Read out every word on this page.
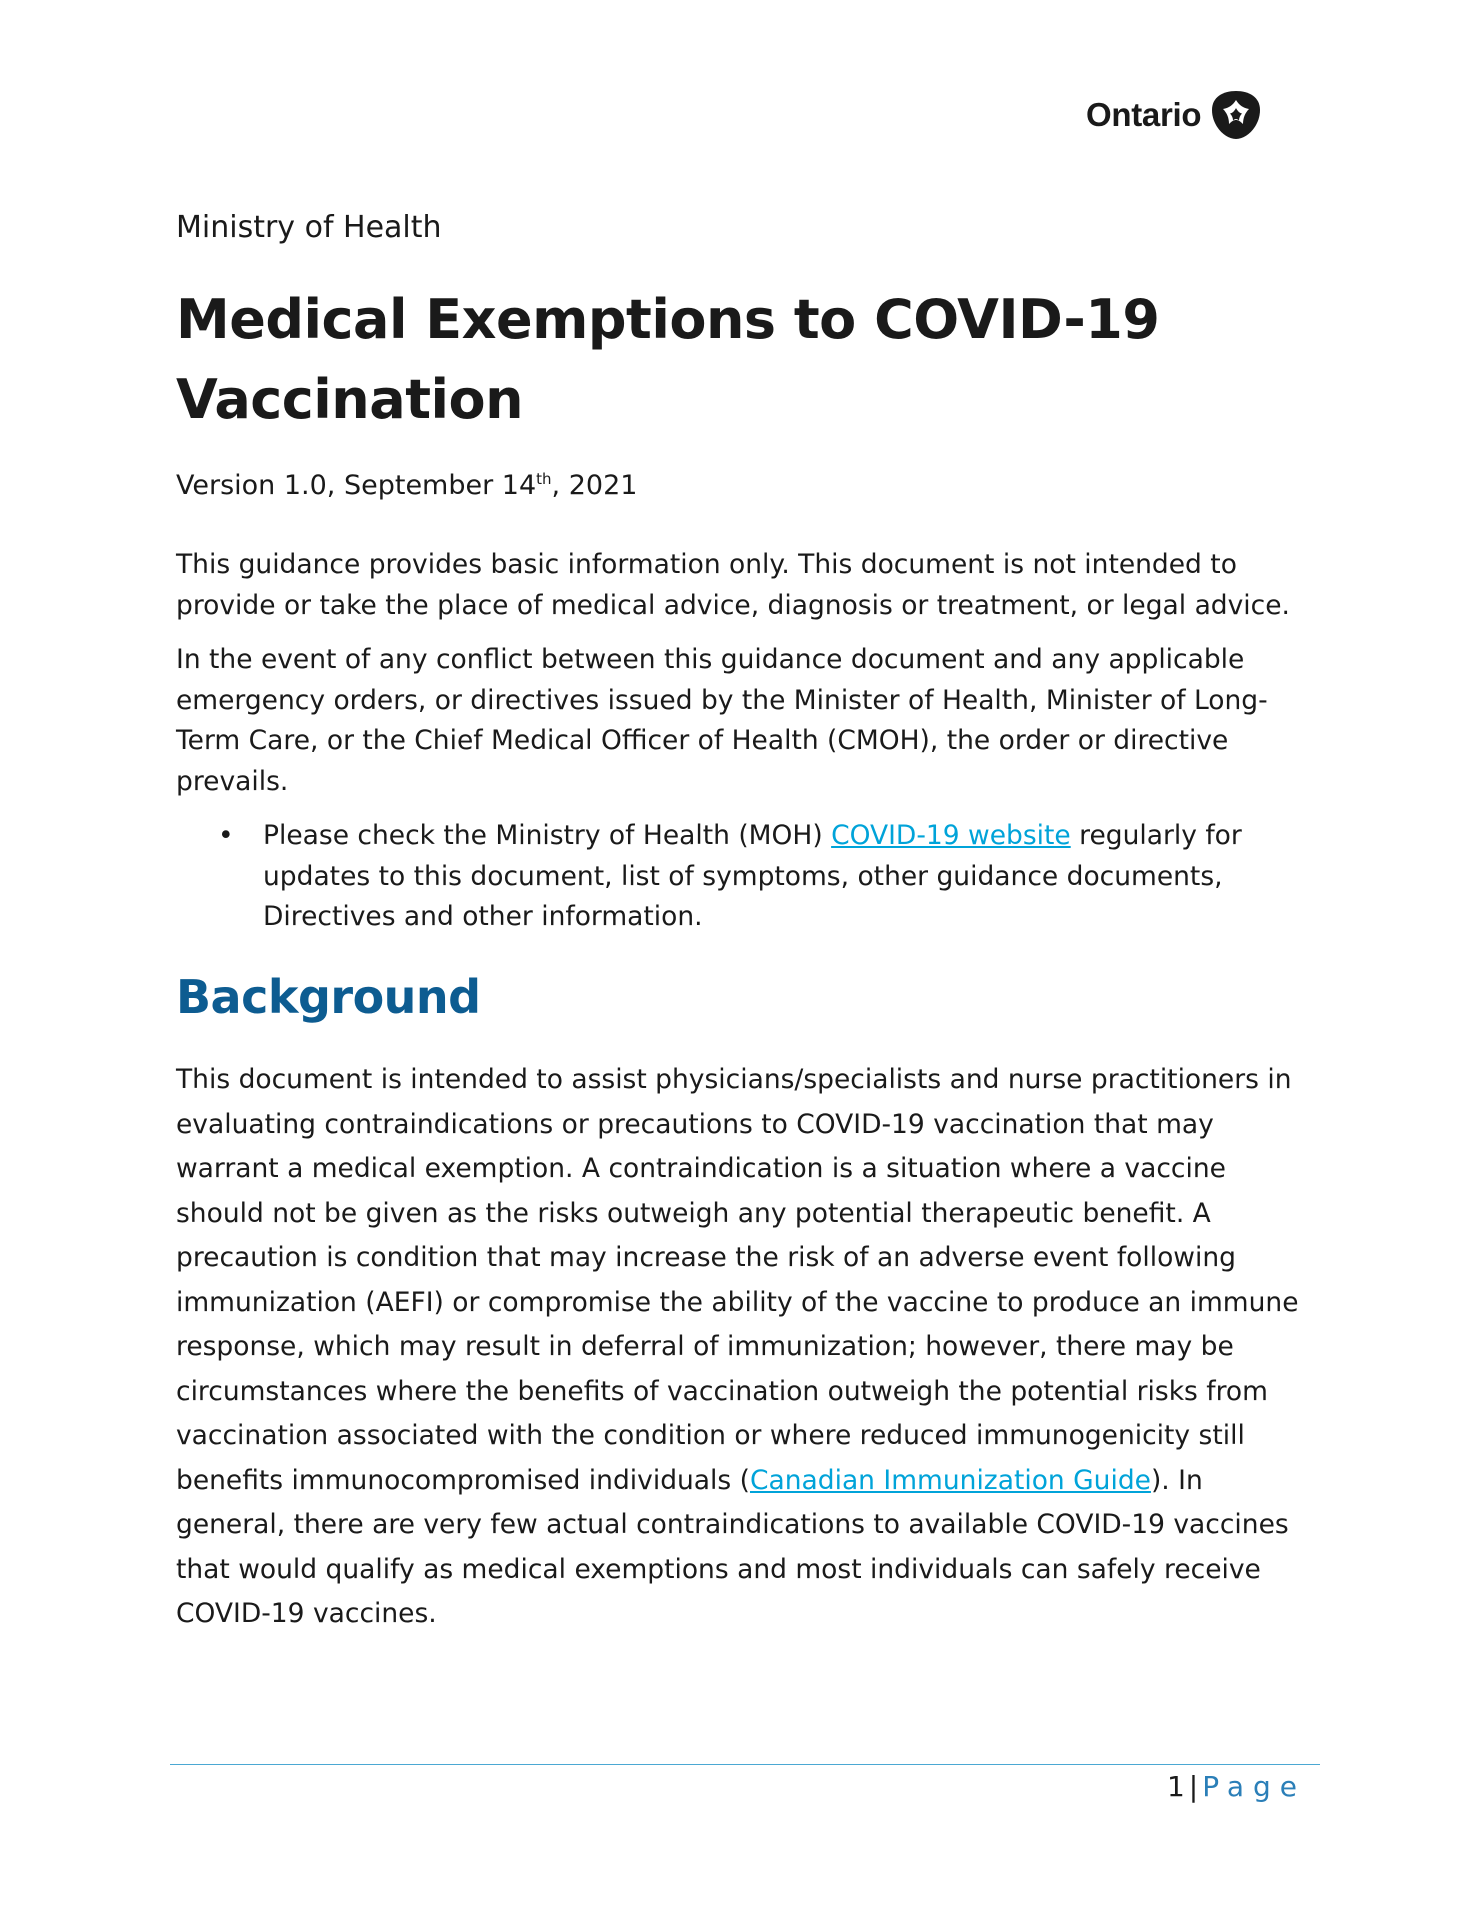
Ontario
Ministry of Health
Medical Exemptions to COVID-19 Vaccination
Version 1.0, September 14th, 2021

This guidance provides basic information only. This document is not intended to provide or take the place of medical advice, diagnosis or treatment, or legal advice.

In the event of any conflict between this guidance document and any applicable emergency orders, or directives issued by the Minister of Health, Minister of Long-Term Care, or the Chief Medical Officer of Health (CMOH), the order or directive prevails.

• Please check the Ministry of Health (MOH) COVID-19 website regularly for updates to this document, list of symptoms, other guidance documents, Directives and other information.
Background

This document is intended to assist physicians/specialists and nurse practitioners in evaluating contraindications or precautions to COVID-19 vaccination that may warrant a medical exemption. A contraindication is a situation where a vaccine should not be given as the risks outweigh any potential therapeutic benefit. A precaution is condition that may increase the risk of an adverse event following immunization (AEFI) or compromise the ability of the vaccine to produce an immune response, which may result in deferral of immunization; however, there may be circumstances where the benefits of vaccination outweigh the potential risks from vaccination associated with the condition or where reduced immunogenicity still benefits immunocompromised individuals (Canadian Immunization Guide). In general, there are very few actual contraindications to available COVID-19 vaccines that would qualify as medical exemptions and most individuals can safely receive COVID-19 vaccines.

1 | Page
